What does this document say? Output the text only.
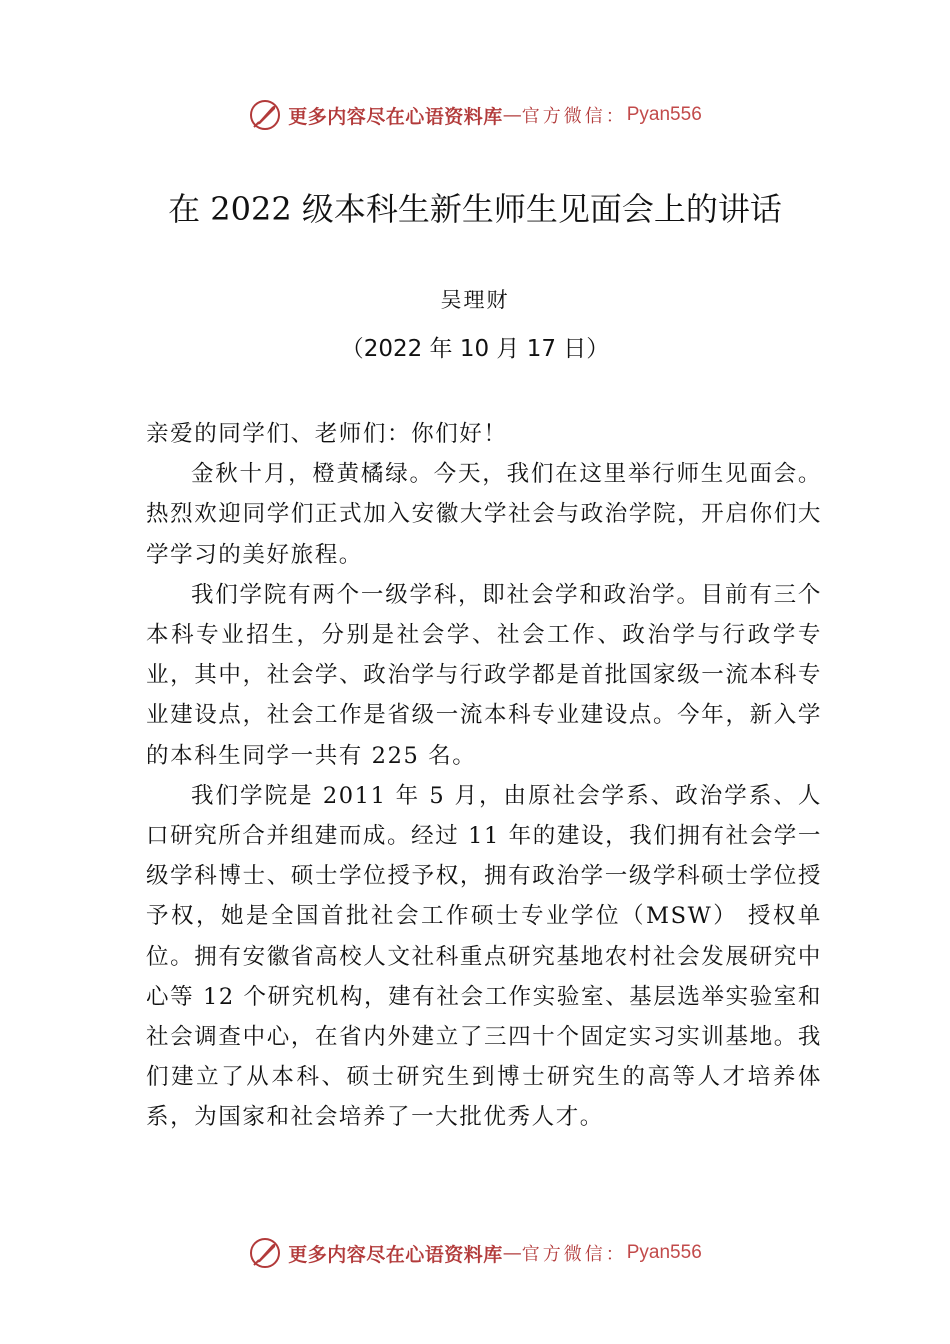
更多内容尽在心语资料库 — 官方微信： Pyan556
在 2022 级本科生新生师生见面会上的讲话
吴理财
（2022 年 10 月 17 日）

亲爱的同学们、老师们：你们好！

金秋十月，橙黄橘绿。今天，我们在这里举行师生见面会。热烈欢迎同学们正式加入安徽大学社会与政治学院，开启你们大学学习的美好旅程。

我们学院有两个一级学科，即社会学和政治学。目前有三个本科专业招生，分别是社会学、社会工作、政治学与行政学专业，其中，社会学、政治学与行政学都是首批国家级一流本科专业建设点，社会工作是省级一流本科专业建设点。今年，新入学的本科生同学一共有 225 名。

我们学院是 2011 年 5 月，由原社会学系、政治学系、人口研究所合并组建而成。经过 11 年的建设，我们拥有社会学一级学科博士、硕士学位授予权，拥有政治学一级学科硕士学位授予权，她是全国首批社会工作硕士专业学位（MSW） 授权单位。拥有安徽省高校人文社科重点研究基地农村社会发展研究中心等 12 个研究机构，建有社会工作实验室、基层选举实验室和社会调查中心，在省内外建立了三四十个固定实习实训基地。我们建立了从本科、硕士研究生到博士研究生的高等人才培养体系，为国家和社会培养了一大批优秀人才。

更多内容尽在心语资料库 — 官方微信： Pyan556
